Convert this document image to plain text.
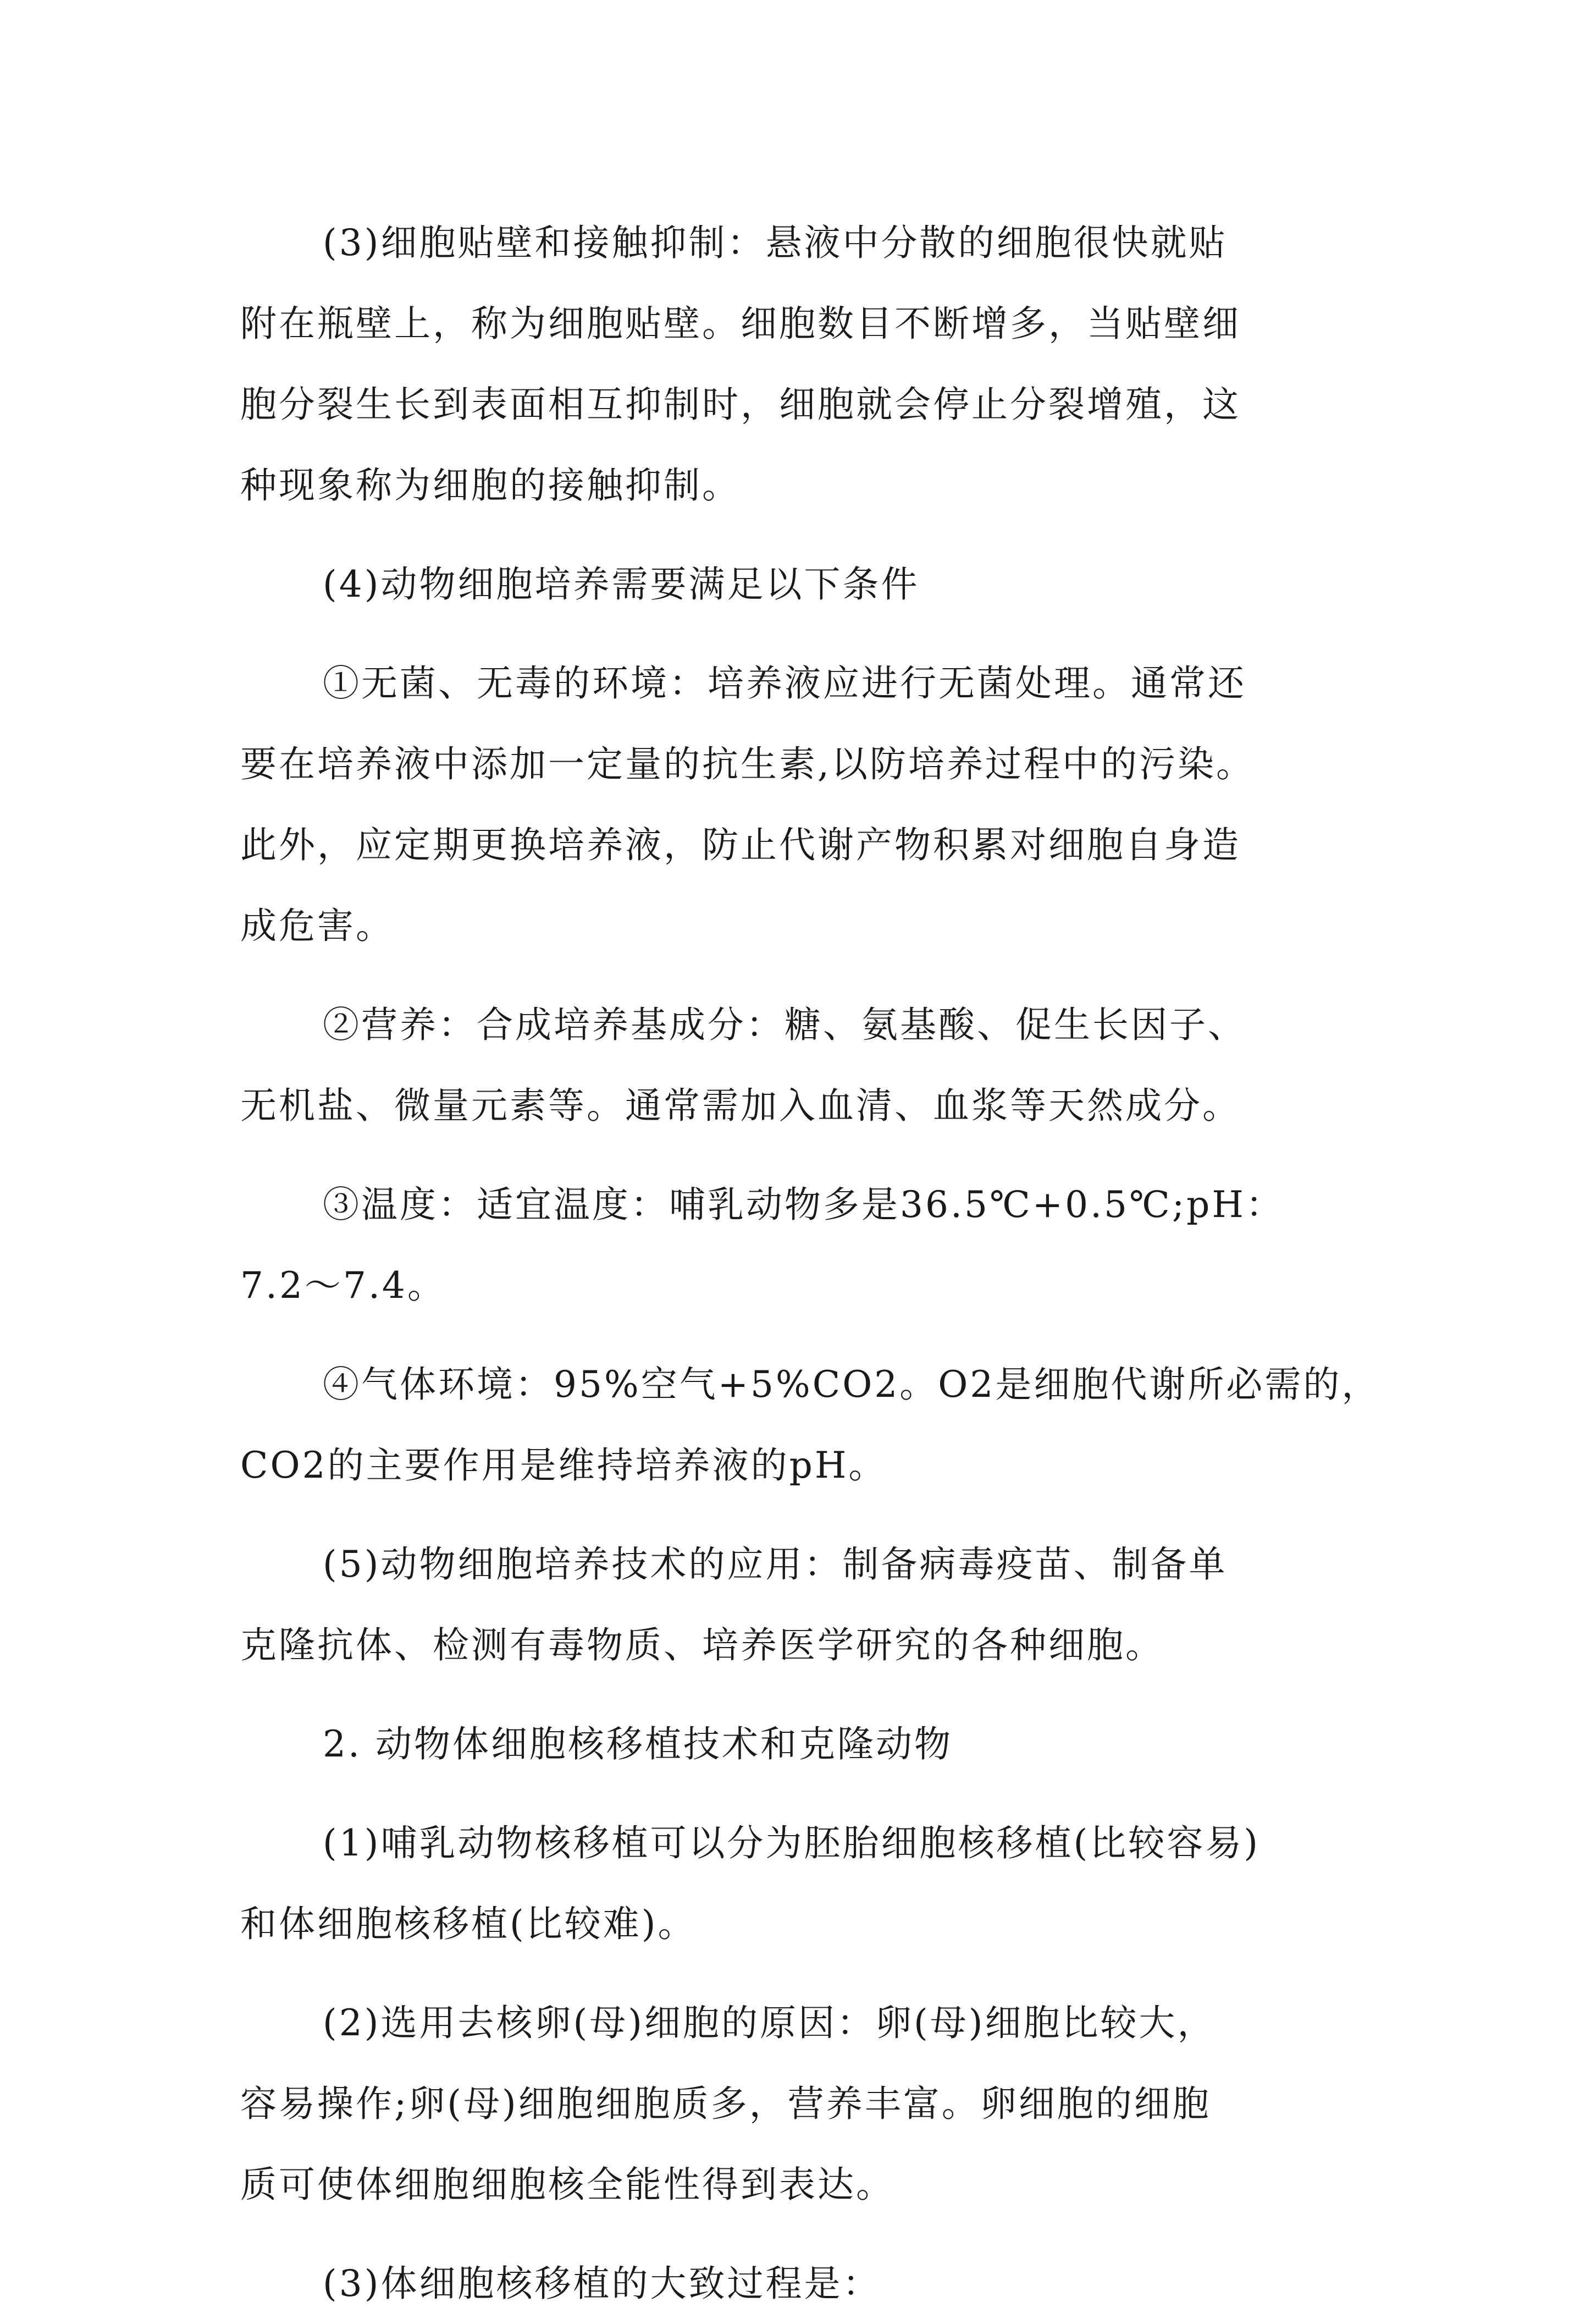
(3)细胞贴壁和接触抑制：悬液中分散的细胞很快就贴
附在瓶壁上，称为细胞贴壁。细胞数目不断增多，当贴壁细
胞分裂生长到表面相互抑制时，细胞就会停止分裂增殖，这
种现象称为细胞的接触抑制。
(4)动物细胞培养需要满足以下条件
①无菌、无毒的环境：培养液应进行无菌处理。通常还
要在培养液中添加一定量的抗生素,以防培养过程中的污染。
此外，应定期更换培养液，防止代谢产物积累对细胞自身造
成危害。
②营养：合成培养基成分：糖、氨基酸、促生长因子、
无机盐、微量元素等。通常需加入血清、血浆等天然成分。
③温度：适宜温度：哺乳动物多是36.5℃+0.5℃;pH：
7.2～7.4。
④气体环境：95%空气+5%CO2。O2是细胞代谢所必需的，
CO2的主要作用是维持培养液的pH。
(5)动物细胞培养技术的应用：制备病毒疫苗、制备单
克隆抗体、检测有毒物质、培养医学研究的各种细胞。
2. 动物体细胞核移植技术和克隆动物
(1)哺乳动物核移植可以分为胚胎细胞核移植(比较容易)
和体细胞核移植(比较难)。
(2)选用去核卵(母)细胞的原因：卵(母)细胞比较大，
容易操作;卵(母)细胞细胞质多，营养丰富。卵细胞的细胞
质可使体细胞细胞核全能性得到表达。
(3)体细胞核移植的大致过程是：
